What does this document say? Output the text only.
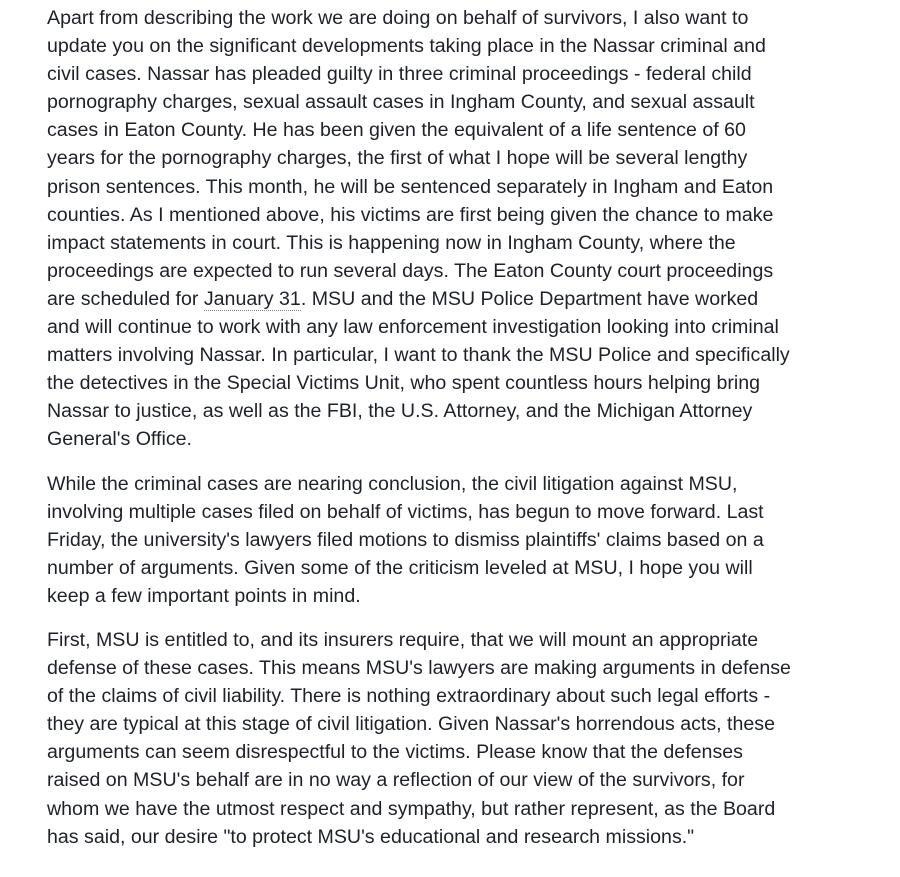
Apart from describing the work we are doing on behalf of survivors, I also want to
update you on the significant developments taking place in the Nassar criminal and
civil cases. Nassar has pleaded guilty in three criminal proceedings - federal child
pornography charges, sexual assault cases in Ingham County, and sexual assault
cases in Eaton County. He has been given the equivalent of a life sentence of 60
years for the pornography charges, the first of what I hope will be several lengthy
prison sentences. This month, he will be sentenced separately in Ingham and Eaton
counties. As I mentioned above, his victims are first being given the chance to make
impact statements in court. This is happening now in Ingham County, where the
proceedings are expected to run several days. The Eaton County court proceedings
are scheduled for January 31. MSU and the MSU Police Department have worked
and will continue to work with any law enforcement investigation looking into criminal
matters involving Nassar. In particular, I want to thank the MSU Police and specifically
the detectives in the Special Victims Unit, who spent countless hours helping bring
Nassar to justice, as well as the FBI, the U.S. Attorney, and the Michigan Attorney
General's Office.

While the criminal cases are nearing conclusion, the civil litigation against MSU,
involving multiple cases filed on behalf of victims, has begun to move forward. Last
Friday, the university's lawyers filed motions to dismiss plaintiffs' claims based on a
number of arguments. Given some of the criticism leveled at MSU, I hope you will
keep a few important points in mind.

First, MSU is entitled to, and its insurers require, that we will mount an appropriate
defense of these cases. This means MSU's lawyers are making arguments in defense
of the claims of civil liability. There is nothing extraordinary about such legal efforts -
they are typical at this stage of civil litigation. Given Nassar's horrendous acts, these
arguments can seem disrespectful to the victims. Please know that the defenses
raised on MSU's behalf are in no way a reflection of our view of the survivors, for
whom we have the utmost respect and sympathy, but rather represent, as the Board
has said, our desire "to protect MSU's educational and research missions."
